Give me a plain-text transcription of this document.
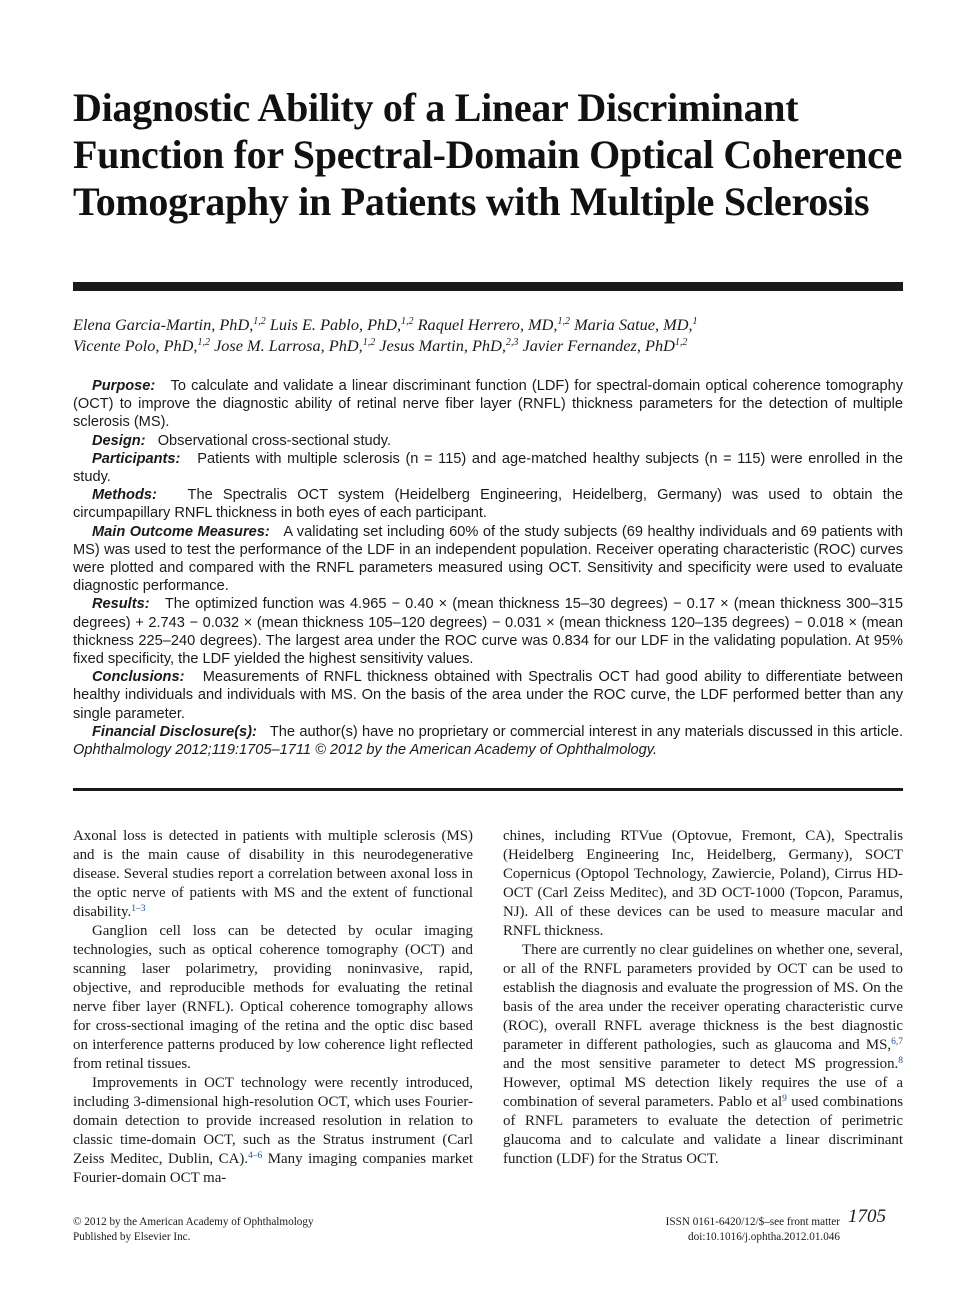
Diagnostic Ability of a Linear Discriminant Function for Spectral-Domain Optical Coherence Tomography in Patients with Multiple Sclerosis
Elena Garcia-Martin, PhD,$^{1,2}$ Luis E. Pablo, PhD,$^{1,2}$ Raquel Herrero, MD,$^{1,2}$ Maria Satue, MD,$^1$
Vicente Polo, PhD,$^{1,2}$ Jose M. Larrosa, PhD,$^{1,2}$ Jesus Martin, PhD,$^{2,3}$ Javier Fernandez, PhD$^{1,2}$

Purpose: To calculate and validate a linear discriminant function (LDF) for spectral-domain optical coherence tomography (OCT) to improve the diagnostic ability of retinal nerve fiber layer (RNFL) thickness parameters for the detection of multiple sclerosis (MS).

Design: Observational cross-sectional study.

Participants: Patients with multiple sclerosis (n = 115) and age-matched healthy subjects (n = 115) were enrolled in the study.

Methods: The Spectralis OCT system (Heidelberg Engineering, Heidelberg, Germany) was used to obtain the circumpapillary RNFL thickness in both eyes of each participant.

Main Outcome Measures: A validating set including 60% of the study subjects (69 healthy individuals and 69 patients with MS) was used to test the performance of the LDF in an independent population. Receiver operating characteristic (ROC) curves were plotted and compared with the RNFL parameters measured using OCT. Sensitivity and specificity were used to evaluate diagnostic performance.

Results: The optimized function was 4.965 − 0.40 × (mean thickness 15–30 degrees) − 0.17 × (mean thickness 300–315 degrees) + 2.743 − 0.032 × (mean thickness 105–120 degrees) − 0.031 × (mean thickness 120–135 degrees) − 0.018 × (mean thickness 225–240 degrees). The largest area under the ROC curve was 0.834 for our LDF in the validating population. At 95% fixed specificity, the LDF yielded the highest sensitivity values.

Conclusions: Measurements of RNFL thickness obtained with Spectralis OCT had good ability to differentiate between healthy individuals and individuals with MS. On the basis of the area under the ROC curve, the LDF performed better than any single parameter.

Financial Disclosure(s): The author(s) have no proprietary or commercial interest in any materials discussed in this article. Ophthalmology 2012;119:1705–1711 © 2012 by the American Academy of Ophthalmology.

Axonal loss is detected in patients with multiple sclerosis (MS) and is the main cause of disability in this neurodegenerative disease. Several studies report a correlation between axonal loss in the optic nerve of patients with MS and the extent of functional disability.$^{1-3}$

Ganglion cell loss can be detected by ocular imaging technologies, such as optical coherence tomography (OCT) and scanning laser polarimetry, providing noninvasive, rapid, objective, and reproducible methods for evaluating the retinal nerve fiber layer (RNFL). Optical coherence tomography allows for cross-sectional imaging of the retina and the optic disc based on interference patterns produced by low coherence light reflected from retinal tissues.

Improvements in OCT technology were recently introduced, including 3-dimensional high-resolution OCT, which uses Fourier-domain detection to provide increased resolution in relation to classic time-domain OCT, such as the Stratus instrument (Carl Zeiss Meditec, Dublin, CA).$^{4-6}$ Many imaging companies market Fourier-domain OCT ma-

chines, including RTVue (Optovue, Fremont, CA), Spectralis (Heidelberg Engineering Inc, Heidelberg, Germany), SOCT Copernicus (Optopol Technology, Zawiercie, Poland), Cirrus HD-OCT (Carl Zeiss Meditec), and 3D OCT-1000 (Topcon, Paramus, NJ). All of these devices can be used to measure macular and RNFL thickness.

There are currently no clear guidelines on whether one, several, or all of the RNFL parameters provided by OCT can be used to establish the diagnosis and evaluate the progression of MS. On the basis of the area under the receiver operating characteristic curve (ROC), overall RNFL average thickness is the best diagnostic parameter in different pathologies, such as glaucoma and MS,$^{6,7}$ and the most sensitive parameter to detect MS progression.$^8$ However, optimal MS detection likely requires the use of a combination of several parameters. Pablo et $al^9$ used combinations of RNFL parameters to evaluate the detection of perimetric glaucoma and to calculate and validate a linear discriminant function (LDF) for the Stratus OCT.

© 2012 by the American Academy of Ophthalmology
Published by Elsevier Inc.
ISSN 0161-6420/12/$–see front matter
doi:10.1016/j.ophtha.2012.01.046
1705
